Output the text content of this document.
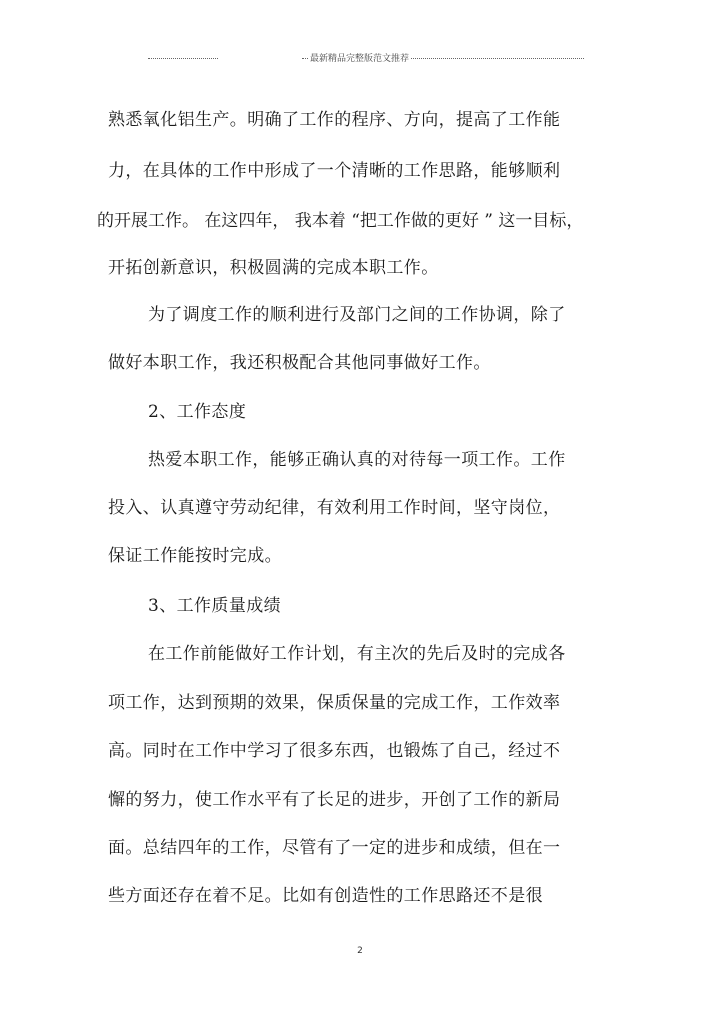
最新精品完整版范文推荐
熟悉氧化铝生产。明确了工作的程序、方向，提高了工作能
力，在具体的工作中形成了一个清晰的工作思路，能够顺利
的开展工作。 在这四年， 我本着 “把工作做的更好 ” 这一目标，
开拓创新意识，积极圆满的完成本职工作。
为了调度工作的顺利进行及部门之间的工作协调，除了
做好本职工作，我还积极配合其他同事做好工作。
2、工作态度
热爱本职工作，能够正确认真的对待每一项工作。工作
投入、认真遵守劳动纪律，有效利用工作时间，坚守岗位，
保证工作能按时完成。
3、工作质量成绩
在工作前能做好工作计划，有主次的先后及时的完成各
项工作，达到预期的效果，保质保量的完成工作，工作效率
高。同时在工作中学习了很多东西，也锻炼了自己，经过不
懈的努力，使工作水平有了长足的进步，开创了工作的新局
面。总结四年的工作，尽管有了一定的进步和成绩，但在一
些方面还存在着不足。比如有创造性的工作思路还不是很
2
